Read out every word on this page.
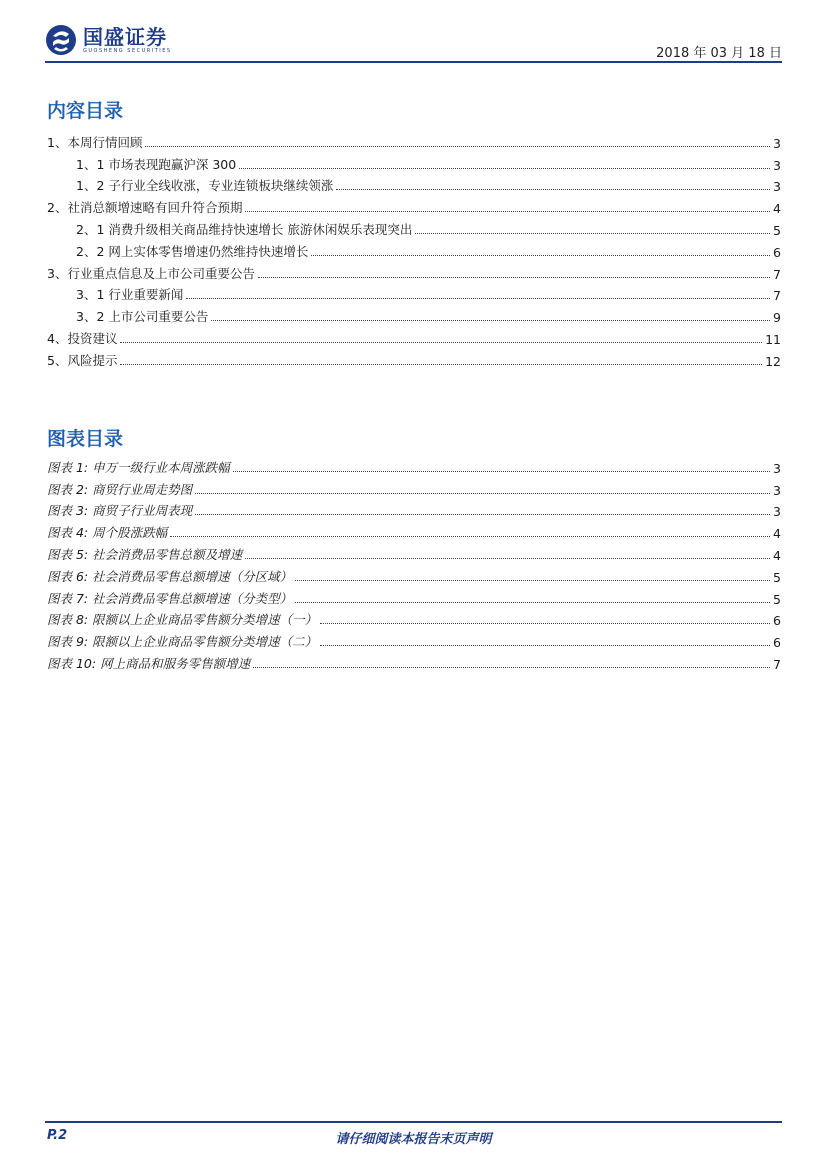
国盛证券
GUOSHENG SECURITIES	2018 年 03 月 18 日
内容目录
1、本周行情回顾	3
1、1 市场表现跑赢沪深 300	3
1、2 子行业全线收涨，专业连锁板块继续领涨	3
2、社消总额增速略有回升符合预期	4
2、1 消费升级相关商品维持快速增长 旅游休闲娱乐表现突出	5
2、2 网上实体零售增速仍然维持快速增长	6
3、行业重点信息及上市公司重要公告	7
3、1 行业重要新闻	7
3、2 上市公司重要公告	9
4、投资建议	11
5、风险提示	12
图表目录
图表 1: 申万一级行业本周涨跌幅	3
图表 2: 商贸行业周走势图	3
图表 3: 商贸子行业周表现	3
图表 4: 周个股涨跌幅	4
图表 5: 社会消费品零售总额及增速	4
图表 6: 社会消费品零售总额增速（分区域）	5
图表 7: 社会消费品零售总额增速（分类型）	5
图表 8: 限额以上企业商品零售额分类增速（一）	6
图表 9: 限额以上企业商品零售额分类增速（二）	6
图表 10: 网上商品和服务零售额增速	7
P.2	请仔细阅读本报告末页声明
